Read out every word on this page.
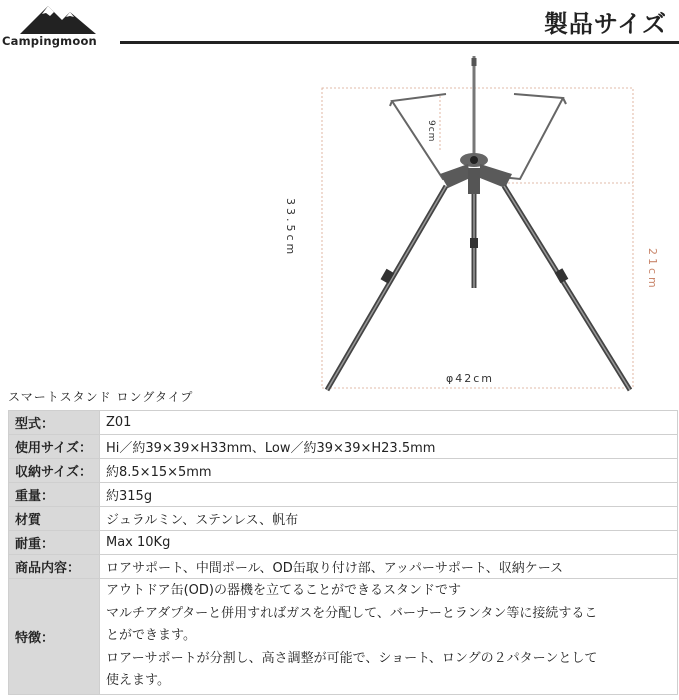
Campingmoon
製品サイズ
33.5cm
9cm
21cm
φ42cm
スマートスタンド ロングタイプ
型式：	Z01
使用サイズ：	Hi／約39×39×H33mm、Low／約39×39×H23.5mm
収納サイズ：	約8.5×15×5mm
重量：	約315g
材質	ジュラルミン、ステンレス、帆布
耐重：	Max 10Kg
商品内容：	ロアサポート、中間ポール、OD缶取り付け部、アッパーサポート、収納ケース
特徴：	アウトドア缶(OD)の器機を立てることができるスタンドです
マルチアダプターと併用すればガスを分配して、バーナーとランタン等に接続するこ
とができます。
ロアーサポートが分割し、高さ調整が可能で、ショート、ロングの２パターンとして
使えます。
